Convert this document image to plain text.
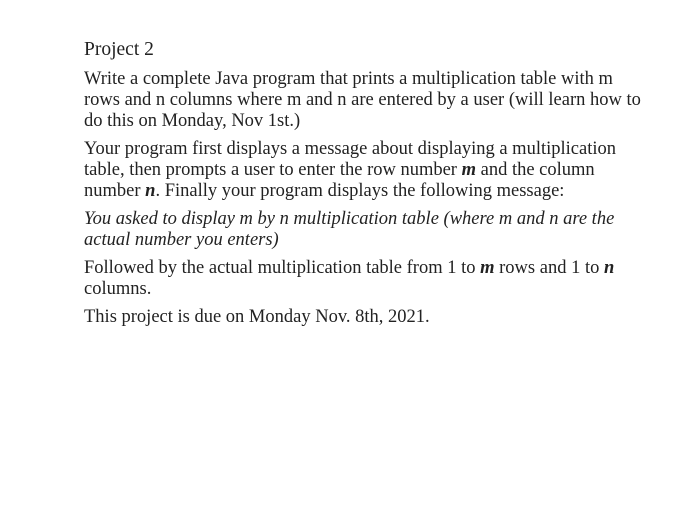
Project 2

Write a complete Java program that prints a multiplication table with m rows and n columns where m and n are entered by a user (will learn how to do this on Monday, Nov 1st.)

Your program first displays a message about displaying a multiplication table, then prompts a user to enter the row number m and the column number n. Finally your program displays the following message:

You asked to display m by n multiplication table (where m and n are the actual number you enters)

Followed by the actual multiplication table from 1 to m rows and 1 to n columns.

This project is due on Monday Nov. 8th, 2021.
